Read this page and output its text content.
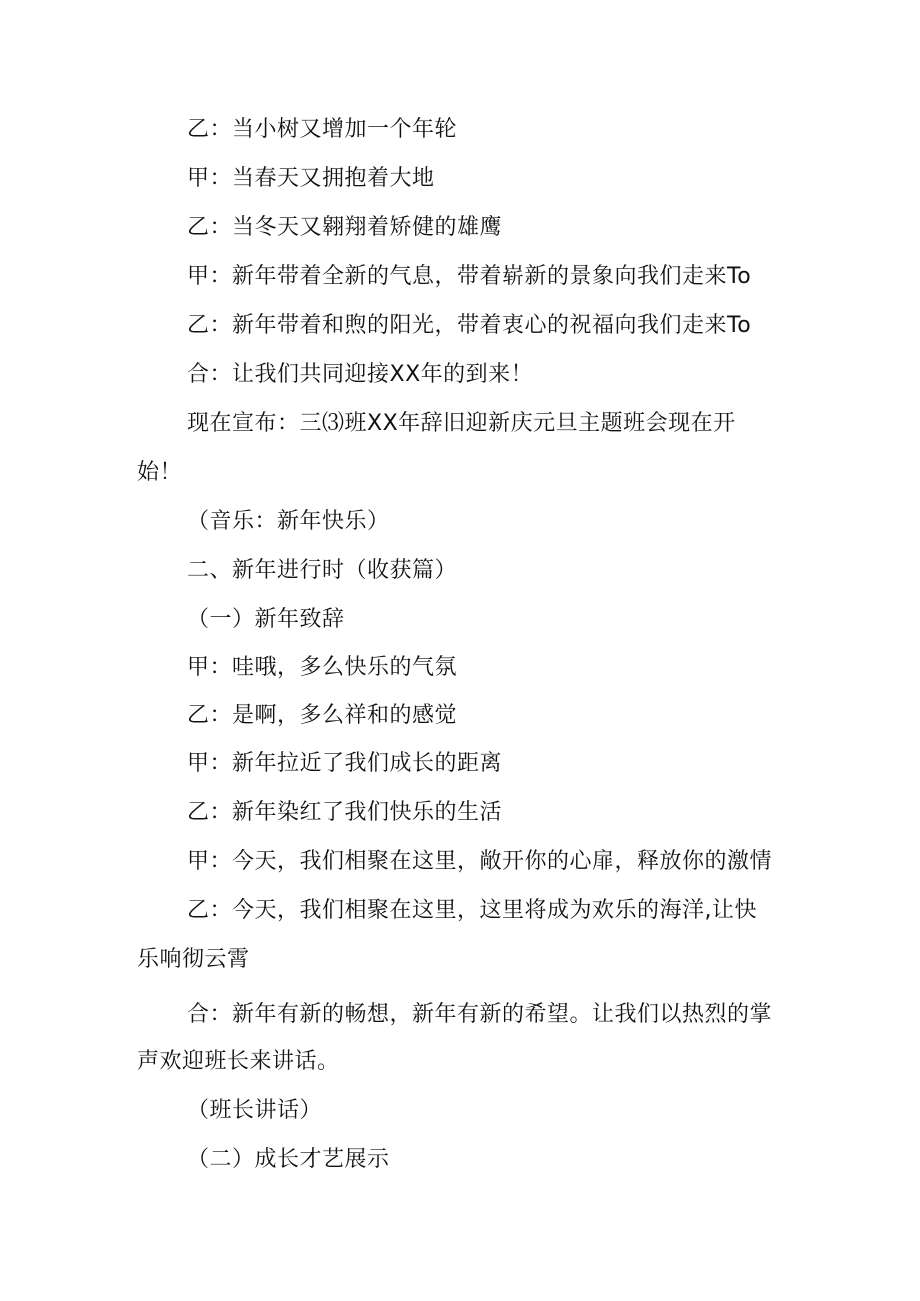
乙：当小树又增加一个年轮
甲：当春天又拥抱着大地
乙：当冬天又翱翔着矫健的雄鹰
甲：新年带着全新的气息，带着崭新的景象向我们走来To
乙：新年带着和煦的阳光，带着衷心的祝福向我们走来To
合：让我们共同迎接XX年的到来！
现在宣布：三⑶班XX年辞旧迎新庆元旦主题班会现在开
始！
（音乐：新年快乐）
二、新年进行时（收获篇）
（一）新年致辞
甲：哇哦，多么快乐的气氛
乙：是啊，多么祥和的感觉
甲：新年拉近了我们成长的距离
乙：新年染红了我们快乐的生活
甲：今天，我们相聚在这里，敞开你的心扉，释放你的激情
乙：今天，我们相聚在这里，这里将成为欢乐的海洋,让快
乐响彻云霄
合：新年有新的畅想，新年有新的希望。让我们以热烈的掌
声欢迎班长来讲话。
（班长讲话）
（二）成长才艺展示
